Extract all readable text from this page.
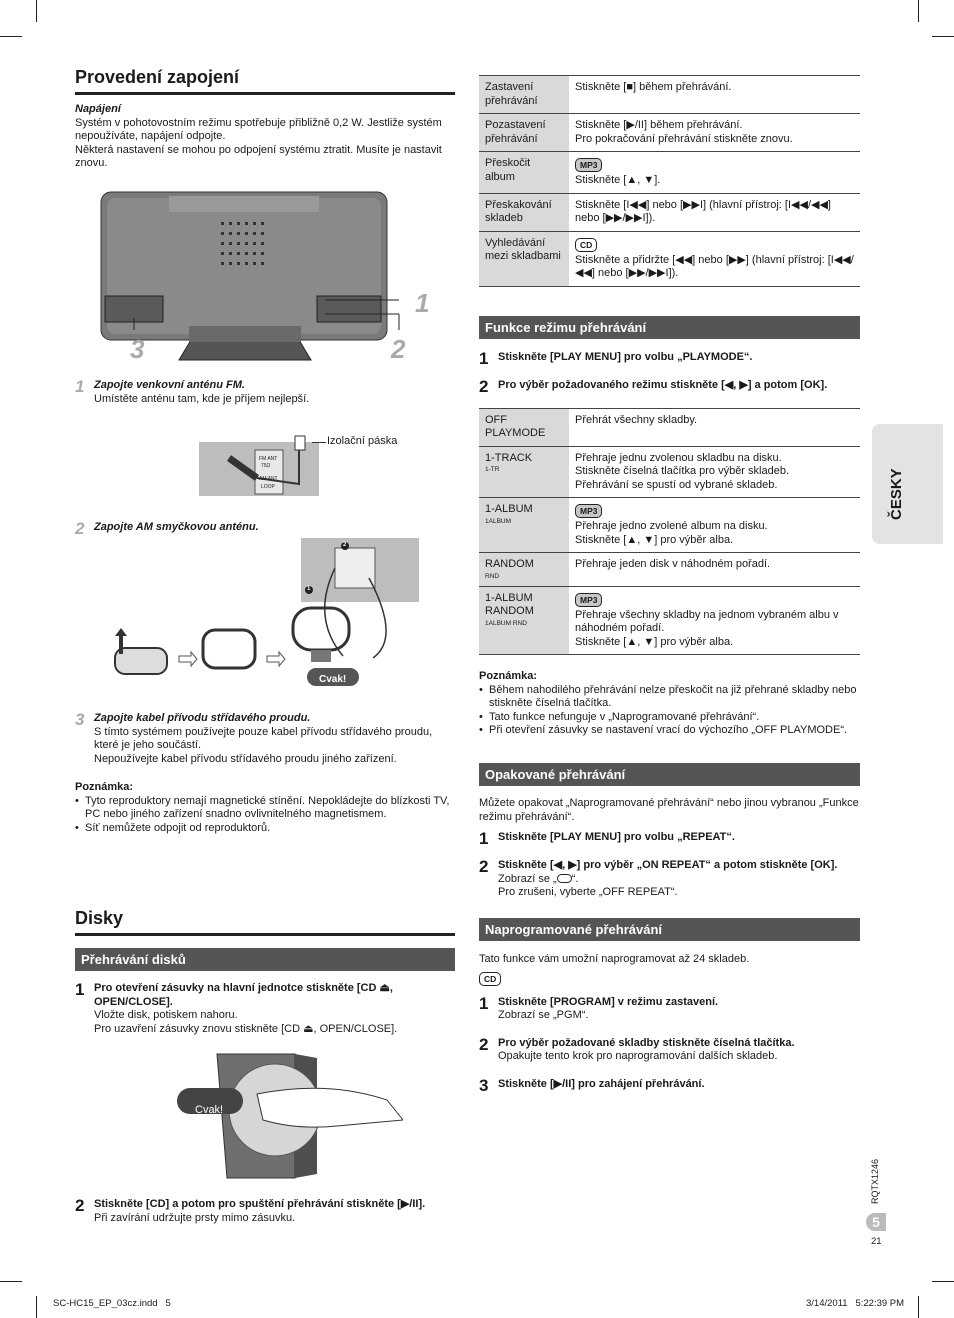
Provedení zapojení

Napájení

Systém v pohotovostním režimu spotřebuje přibližně 0,2 W. Jestliže systém nepoužíváte, napájení odpojte.

Některá nastavení se mohou po odpojení systému ztratit. Musíte je nastavit znovu.

1
2
3
1 Zapojte venkovní anténu FM.

Umístěte anténu tam, kde je příjem nejlepší.

FM ANT
75Ω
AM ANT
LOOP
Izolační páska
2 Zapojte AM smyčkovou anténu.

2
1
Cvak!
3 Zapojte kabel přívodu střídavého proudu.

S tímto systémem používejte pouze kabel přívodu střídavého proudu, které je jeho součástí.

Nepoužívejte kabel přívodu střídavého proudu jiného zařízení.

Poznámka:

• Tyto reproduktory nemají magnetické stínění. Nepokládejte do blízkosti TV, PC nebo jiného zařízení snadno ovlivnitelného magnetismem.
• Síť nemůžete odpojit od reproduktorů.
Disky

Přehrávání disků

1 Pro otevření zásuvky na hlavní jednotce stiskněte [CD ⏏, OPEN/CLOSE].

Vložte disk, potiskem nahoru.

Pro uzavření zásuvky znovu stiskněte [CD ⏏, OPEN/CLOSE].

Cvak!
2 Stiskněte [CD] a potom pro spuštění přehrávání stiskněte [▶/II].

Při zavírání udržujte prsty mimo zásuvku.

Zastavení přehrávání	Stiskněte [■] během přehrávání.
Pozastavení přehrávání	Stiskněte [▶/II] během přehrávání.
Pro pokračování přehrávání stiskněte znovu.
Přeskočit album	MP3
Stiskněte [▲, ▼].
Přeskakování skladeb	Stiskněte [I◀◀] nebo [▶▶I] (hlavní přístroj: [I◀◀/◀◀] nebo [▶▶/▶▶I]).
Vyhledávání mezi skladbami	CD
Stiskněte a přidržte [◀◀] nebo [▶▶] (hlavní přístroj: [I◀◀/◀◀] nebo [▶▶/▶▶I]).

Funkce režimu přehrávání

1 Stiskněte [PLAY MENU] pro volbu „PLAYMODE“.

2 Pro výběr požadovaného režimu stiskněte [◀, ▶] a potom [OK].

OFF PLAYMODE	Přehrát všechny skladby.
1-TRACK
1-TR	Přehraje jednu zvolenou skladbu na disku.
Stiskněte číselná tlačítka pro výběr skladeb.
Přehrávání se spustí od vybrané skladeb.
1-ALBUM
1ALBUM	MP3
Přehraje jedno zvolené album na disku.
Stiskněte [▲, ▼] pro výběr alba.
RANDOM
RND	Přehraje jeden disk v náhodném pořadí.
1-ALBUM RANDOM
1ALBUM RND	MP3
Přehraje všechny skladby na jednom vybraném albu v náhodném pořadí.
Stiskněte [▲, ▼] pro výběr alba.

Poznámka:

• Během nahodilého přehrávání nelze přeskočit na již přehrané skladby nebo stiskněte číselná tlačítka.
• Tato funkce nefunguje v „Naprogramované přehrávání“.
• Při otevření zásuvky se nastavení vrací do výchozího „OFF PLAYMODE“.

Opakované přehrávání

Můžete opakovat „Naprogramované přehrávání“ nebo jinou vybranou „Funkce režimu přehrávání“.

1 Stiskněte [PLAY MENU] pro volbu „REPEAT“.

2 Stiskněte [◀, ▶] pro výběr „ON REPEAT“ a potom stiskněte [OK].

Zobrazí se „ “.

Pro zrušeni, vyberte „OFF REPEAT“.

Naprogramované přehrávání

Tato funkce vám umožní naprogramovat až 24 skladeb.

CD
1 Stiskněte [PROGRAM] v režimu zastavení.

Zobrazí se „PGM“.

2 Pro výběr požadované skladby stiskněte číselná tlačítka.

Opakujte tento krok pro naprogramování dalších skladeb.

3 Stiskněte [▶/II] pro zahájení přehrávání.

ČESKY
RQTX1246
5
21
SC-HC15_EP_03cz.indd   5	3/14/2011   5:22:39 PM
